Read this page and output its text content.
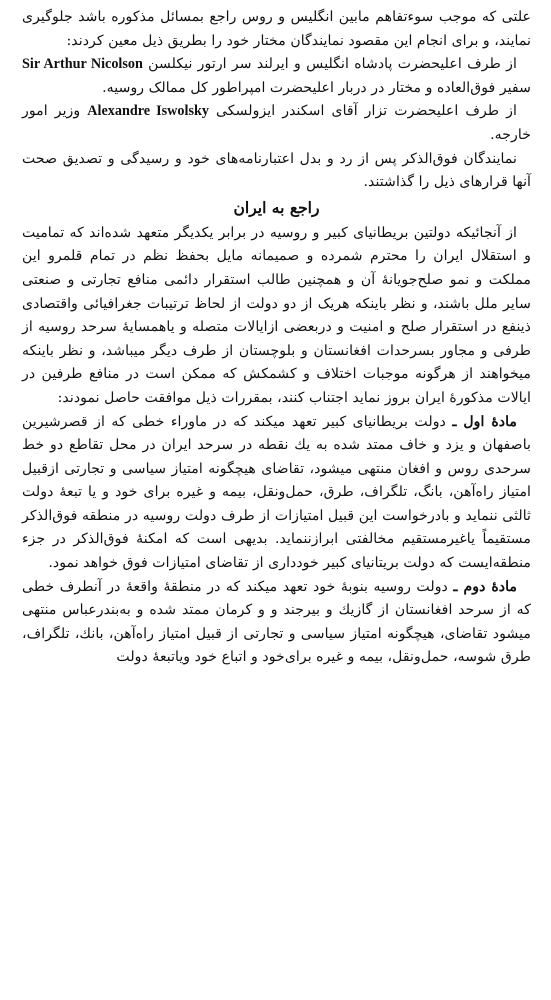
علتی که موجب سوءتفاهم مابین انگلیس و روس راجع بمسائل مذکوره باشد جلوگیری نمایند، و برای انجام این مقصود نمایندگان مختار خود را بطریق ذیل معین کردند:

از طرف اعلیحضرت پادشاه انگلیس و ایرلند سر ارتور نیکلسن Sir Arthur Nicolson سفیر فوق‌العاده و مختار در دربار اعلیحضرت امپراطور کل ممالک روسیه.

از طرف اعلیحضرت تزار آقای اسکندر ایزولسکی Alexandre Iswolsky وزیر امور خارجه.

نمایندگان فوق‌الذکر پس از رد و بدل اعتبارنامه‌های خود و رسیدگی و تصدیق صحت آنها قرارهای ذیل را گذاشتند.

راجع به ایران

از آنجائیکه دولتین بریطانیای کبیر و روسیه در برابر یکدیگر متعهد شده‌اند که تمامیت و استقلال ایران را محترم شمرده و صمیمانه مایل بحفظ نظم در تمام قلمرو این مملکت و نمو صلح‌جویانهٔ آن و همچنین طالب استقرار دائمی منافع تجارتی و صنعتی سایر ملل باشند، و نظر باینکه هریک از دو دولت از لحاظ ترتیبات جغرافیائی واقتصادی ذینفع در استقرار صلح و امنیت و دربعضی ازایالات متصله و یاهمسایهٔ سرحد روسیه از طرفی و مجاور بسرحدات افغانستان و بلوچستان از طرف دیگر میباشد، و نظر باینکه میخواهند از هرگونه موجبات اختلاف و کشمکش که ممکن است در منافع طرفین در ایالات مذکورهٔ ایران بروز نماید اجتناب کنند، بمقررات ذیل موافقت حاصل نمودند:

مادهٔ اول ـ دولت بریطانیای کبیر تعهد میکند که در ماوراء خطی که از قصرشیرین باصفهان و یزد و خاف ممتد شده به یك نقطه در سرحد ایران در محل تقاطع دو خط سرحدی روس و افغان منتهی میشود، تقاضای هیچگونه امتیاز سیاسی و تجارتی ازقبیل امتیاز راه‌آهن، بانگ، تلگراف، طرق، حمل‌ونقل، بیمه و غیره برای خود و یا تبعهٔ دولت ثالثی ننماید و بادرخواست این قبیل امتیازات از طرف دولت روسیه در منطقه فوق‌الذکر مستقیماً یاغیرمستقیم مخالفتی ابرازننماید. بدیهی است که امکنهٔ فوق‌الذکر در جزء منطقه‌ایست که دولت بریتانیای کبیر خودداری از تقاضای امتیازات فوق خواهد نمود.

مادهٔ دوم ـ دولت روسیه بنوبهٔ خود تعهد میکند که در منطقهٔ واقعهٔ در آنطرف خطی که از سرحد افغانستان از گازیك و بیرجند و و کرمان ممتد شده و به‌بندرعباس منتهی میشود تقاضای، هیچگونه امتیاز سیاسی و تجارتی از قبیل امتیاز راه‌آهن، بانك، تلگراف، طرق شوسه، حمل‌ونقل، بیمه و غیره برای‌خود و اتباع خود ویاتبعهٔ دولت
